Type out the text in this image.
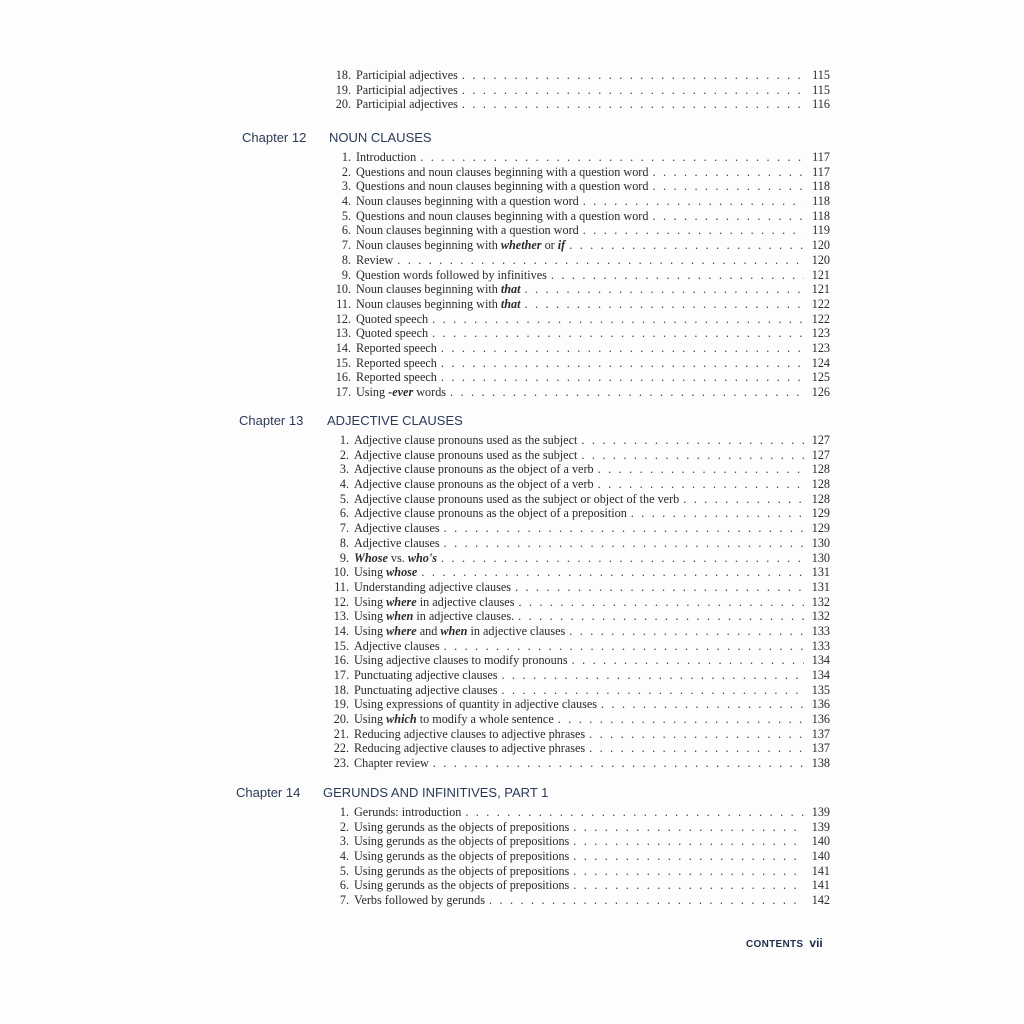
18. Participial adjectives . . .	115
19. Participial adjectives . . .	115
20. Participial adjectives . . .	116
Chapter 12 NOUN CLAUSES
1. Introduction . . .	117
2. Questions and noun clauses beginning with a question word . . .	117
3. Questions and noun clauses beginning with a question word . . .	118
4. Noun clauses beginning with a question word . . .	118
5. Questions and noun clauses beginning with a question word . . .	118
6. Noun clauses beginning with a question word . . .	119
7. Noun clauses beginning with whether or if . . .	120
8. Review . . .	120
9. Question words followed by infinitives . . .	121
10. Noun clauses beginning with that . . .	121
11. Noun clauses beginning with that . . .	122
12. Quoted speech . . .	122
13. Quoted speech . . .	123
14. Reported speech . . .	123
15. Reported speech . . .	124
16. Reported speech . . .	125
17. Using -ever words . . .	126
Chapter 13 ADJECTIVE CLAUSES
1. Adjective clause pronouns used as the subject . . .	127
2. Adjective clause pronouns used as the subject . . .	127
3. Adjective clause pronouns as the object of a verb . . .	128
4. Adjective clause pronouns as the object of a verb . . .	128
5. Adjective clause pronouns used as the subject or object of the verb . . .	128
6. Adjective clause pronouns as the object of a preposition . . .	129
7. Adjective clauses . . .	129
8. Adjective clauses . . .	130
9. Whose vs. who's . . .	130
10. Using whose . . .	131
11. Understanding adjective clauses . . .	131
12. Using where in adjective clauses . . .	132
13. Using when in adjective clauses. . . .	132
14. Using where and when in adjective clauses . . .	133
15. Adjective clauses . . .	133
16. Using adjective clauses to modify pronouns . . .	134
17. Punctuating adjective clauses . . .	134
18. Punctuating adjective clauses . . .	135
19. Using expressions of quantity in adjective clauses . . .	136
20. Using which to modify a whole sentence . . .	136
21. Reducing adjective clauses to adjective phrases . . .	137
22. Reducing adjective clauses to adjective phrases . . .	137
23. Chapter review . . .	138
Chapter 14 GERUNDS AND INFINITIVES, PART 1
1. Gerunds: introduction . . .	139
2. Using gerunds as the objects of prepositions . . .	139
3. Using gerunds as the objects of prepositions . . .	140
4. Using gerunds as the objects of prepositions . . .	140
5. Using gerunds as the objects of prepositions . . .	141
6. Using gerunds as the objects of prepositions . . .	141
7. Verbs followed by gerunds . . .	142
CONTENTS vii
